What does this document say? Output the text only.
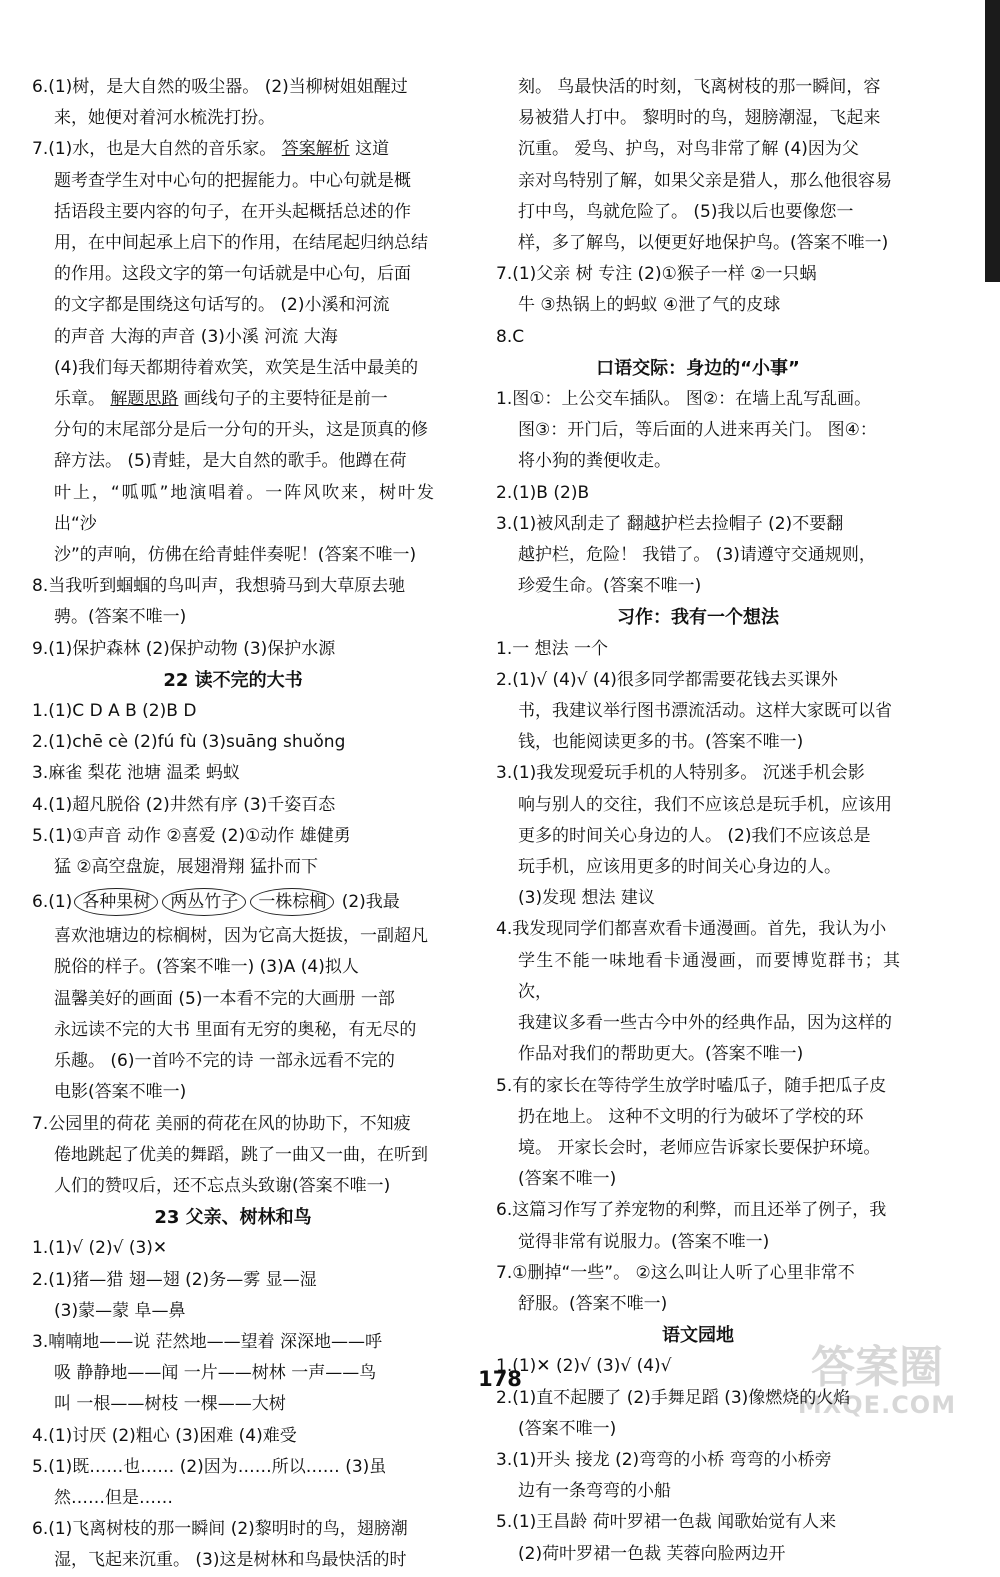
6.(1)树，是大自然的吸尘器。 (2)当柳树姐姐醒过

来，她便对着河水梳洗打扮。

7.(1)水，也是大自然的音乐家。 答案解析 这道

题考查学生对中心句的把握能力。中心句就是概

括语段主要内容的句子，在开头起概括总述的作

用，在中间起承上启下的作用，在结尾起归纳总结

的作用。这段文字的第一句话就是中心句，后面

的文字都是围绕这句话写的。 (2)小溪和河流

的声音 大海的声音 (3)小溪 河流 大海

(4)我们每天都期待着欢笑，欢笑是生活中最美的

乐章。 解题思路 画线句子的主要特征是前一

分句的末尾部分是后一分句的开头，这是顶真的修

辞方法。 (5)青蛙，是大自然的歌手。他蹲在荷

叶上，“呱呱”地演唱着。一阵风吹来，树叶发出“沙

沙”的声响，仿佛在给青蛙伴奏呢！(答案不唯一)

8.当我听到蝈蝈的鸟叫声，我想骑马到大草原去驰

骋。(答案不唯一)

9.(1)保护森林 (2)保护动物 (3)保护水源

22 读不完的大书

1.(1)C D A B (2)B D

2.(1)chē cè (2)fú fù (3)suāng shuǒng

3.麻雀 梨花 池塘 温柔 蚂蚁

4.(1)超凡脱俗 (2)井然有序 (3)千姿百态

5.(1)①声音 动作 ②喜爱 (2)①动作 雄健勇

猛 ②高空盘旋，展翅滑翔 猛扑而下

6.(1) 各种果树 两丛竹子 一株棕榈 (2)我最

喜欢池塘边的棕榈树，因为它高大挺拔，一副超凡

脱俗的样子。(答案不唯一) (3)A (4)拟人

温馨美好的画面 (5)一本看不完的大画册 一部

永远读不完的大书 里面有无穷的奥秘，有无尽的

乐趣。 (6)一首吟不完的诗 一部永远看不完的

电影(答案不唯一)

7.公园里的荷花 美丽的荷花在风的协助下，不知疲

倦地跳起了优美的舞蹈，跳了一曲又一曲，在听到

人们的赞叹后，还不忘点头致谢(答案不唯一)

23 父亲、树林和鸟

1.(1)√ (2)√ (3)✕

2.(1)猪—猎 翅—翅 (2)务—雾 显—湿

(3)蒙—蒙 阜—鼻

3.喃喃地——说 茫然地——望着 深深地——呼

吸 静静地——闻 一片——树林 一声——鸟

叫 一根——树枝 一棵——大树

4.(1)讨厌 (2)粗心 (3)困难 (4)难受

5.(1)既……也…… (2)因为……所以…… (3)虽

然……但是……

6.(1)飞离树枝的那一瞬间 (2)黎明时的鸟，翅膀潮

湿，飞起来沉重。 (3)这是树林和鸟最快活的时

刻。 鸟最快活的时刻，飞离树枝的那一瞬间，容

易被猎人打中。 黎明时的鸟，翅膀潮湿，飞起来

沉重。 爱鸟、护鸟，对鸟非常了解 (4)因为父

亲对鸟特别了解，如果父亲是猎人，那么他很容易

打中鸟，鸟就危险了。 (5)我以后也要像您一

样，多了解鸟，以便更好地保护鸟。(答案不唯一)

7.(1)父亲 树 专注 (2)①猴子一样 ②一只蜗

牛 ③热锅上的蚂蚁 ④泄了气的皮球

8.C

口语交际：身边的“小事”

1.图①：上公交车插队。 图②：在墙上乱写乱画。

图③：开门后，等后面的人进来再关门。 图④：

将小狗的粪便收走。

2.(1)B (2)B

3.(1)被风刮走了 翻越护栏去捡帽子 (2)不要翻

越护栏，危险！ 我错了。 (3)请遵守交通规则，

珍爱生命。(答案不唯一)

习作：我有一个想法

1.一 想法 一个

2.(1)√ (4)√ (4)很多同学都需要花钱去买课外

书，我建议举行图书漂流活动。这样大家既可以省

钱，也能阅读更多的书。(答案不唯一)

3.(1)我发现爱玩手机的人特别多。 沉迷手机会影

响与别人的交往，我们不应该总是玩手机，应该用

更多的时间关心身边的人。 (2)我们不应该总是

玩手机，应该用更多的时间关心身边的人。

(3)发现 想法 建议

4.我发现同学们都喜欢看卡通漫画。首先，我认为小

学生不能一味地看卡通漫画，而要博览群书；其次，

我建议多看一些古今中外的经典作品，因为这样的

作品对我们的帮助更大。(答案不唯一)

5.有的家长在等待学生放学时嗑瓜子，随手把瓜子皮

扔在地上。 这种不文明的行为破坏了学校的环

境。 开家长会时，老师应告诉家长要保护环境。

(答案不唯一)

6.这篇习作写了养宠物的利弊，而且还举了例子，我

觉得非常有说服力。(答案不唯一)

7.①删掉“一些”。 ②这么叫让人听了心里非常不

舒服。(答案不唯一)

语文园地

1.(1)✕ (2)√ (3)√ (4)√

2.(1)直不起腰了 (2)手舞足蹈 (3)像燃烧的火焰

(答案不唯一)

3.(1)开头 接龙 (2)弯弯的小桥 弯弯的小桥旁

边有一条弯弯的小船

5.(1)王昌龄 荷叶罗裙一色裁 闻歌始觉有人来

(2)荷叶罗裙一色裁 芙蓉向脸两边开

178	答案圈
MXQE.COM
